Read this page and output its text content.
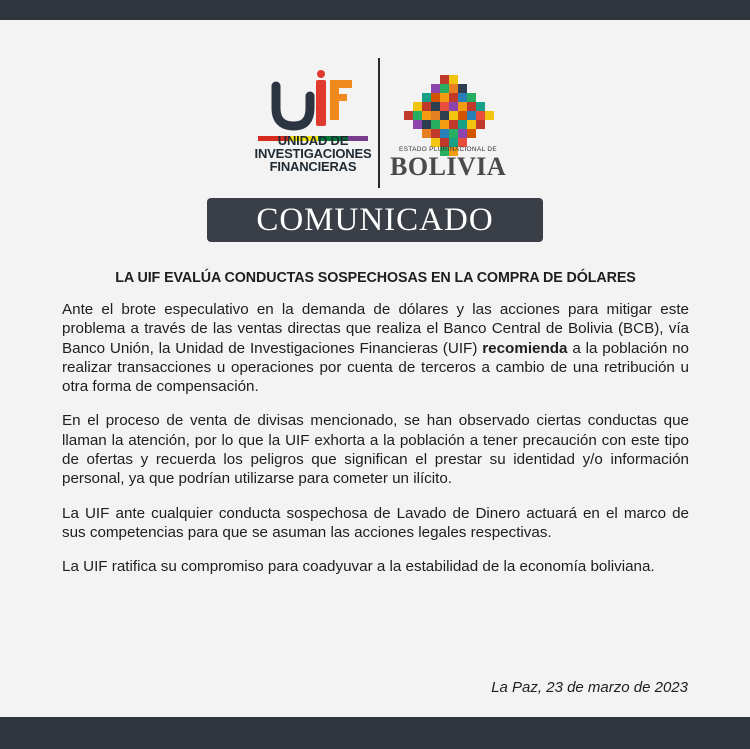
UNIDAD DE
INVESTIGACIONES
FINANCIERAS
ESTADO PLURINACIONAL DE
BOLIVIA
COMUNICADO
LA UIF EVALÚA CONDUCTAS SOSPECHOSAS EN LA COMPRA DE DÓLARES

Ante el brote especulativo en la demanda de dólares y las acciones para mitigar este problema a través de las ventas directas que realiza el Banco Central de Bolivia (BCB), vía Banco Unión, la Unidad de Investigaciones Financieras (UIF) recomienda a la población no realizar transacciones u operaciones por cuenta de terceros a cambio de una retribución u otra forma de compensación.

En el proceso de venta de divisas mencionado, se han observado ciertas conductas que llaman la atención, por lo que la UIF exhorta a la población a tener precaución con este tipo de ofertas y recuerda los peligros que significan el prestar su identidad y/o información personal, ya que podrían utilizarse para cometer un ilícito.

La UIF ante cualquier conducta sospechosa de Lavado de Dinero actuará en el marco de sus competencias para que se asuman las acciones legales respectivas.

La UIF ratifica su compromiso para coadyuvar a la estabilidad de la economía boliviana.

La Paz, 23 de marzo de 2023
